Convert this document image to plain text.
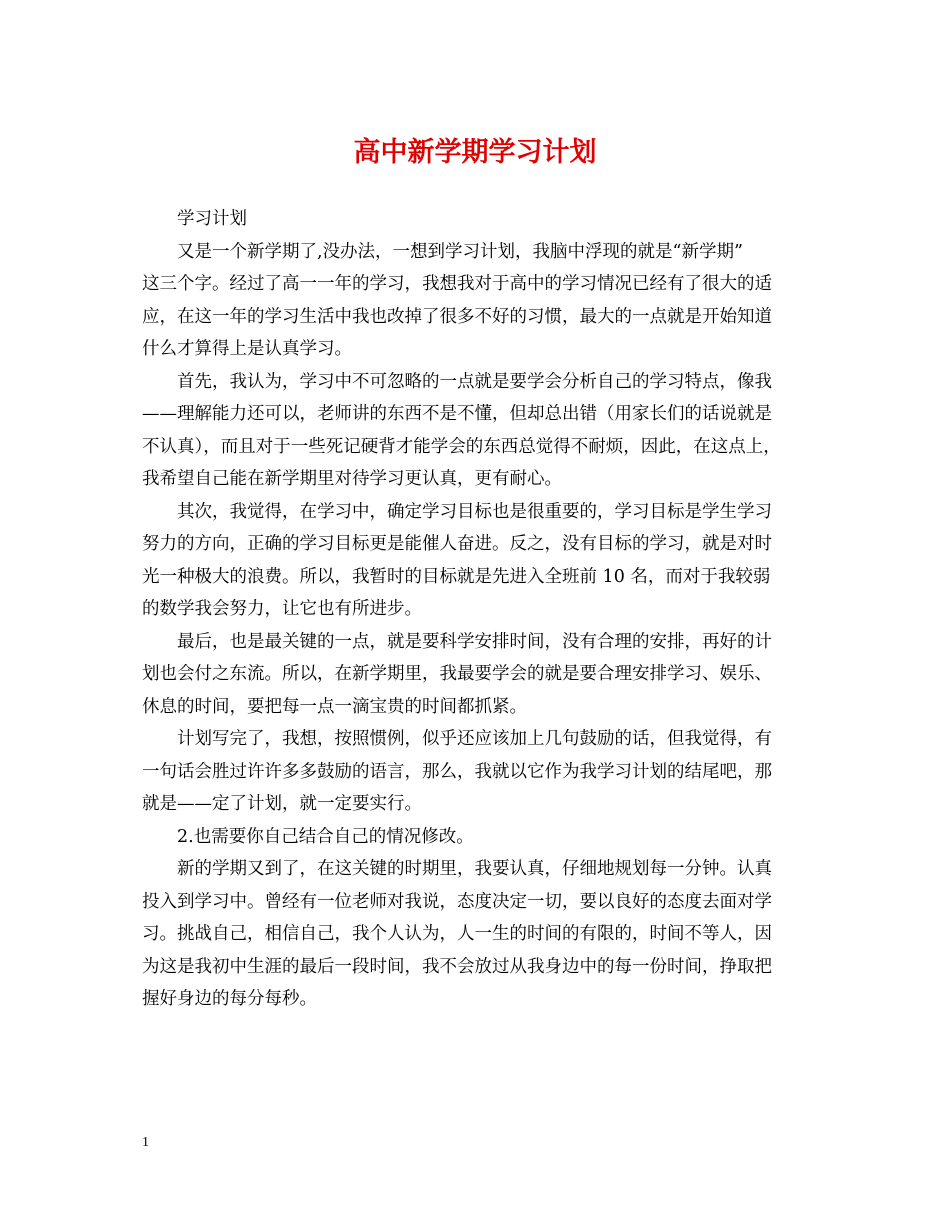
高中新学期学习计划

学习计划

又是一个新学期了,没办法，一想到学习计划，我脑中浮现的就是“新学期”

这三个字。经过了高一一年的学习，我想我对于高中的学习情况已经有了很大的适
应，在这一年的学习生活中我也改掉了很多不好的习惯，最大的一点就是开始知道
什么才算得上是认真学习。

首先，我认为，学习中不可忽略的一点就是要学会分析自己的学习特点，像我

——理解能力还可以，老师讲的东西不是不懂，但却总出错（用家长们的话说就是
不认真），而且对于一些死记硬背才能学会的东西总觉得不耐烦，因此，在这点上，
我希望自己能在新学期里对待学习更认真，更有耐心。

其次，我觉得，在学习中，确定学习目标也是很重要的，学习目标是学生学习

努力的方向，正确的学习目标更是能催人奋进。反之，没有目标的学习，就是对时
光一种极大的浪费。所以，我暂时的目标就是先进入全班前 10 名，而对于我较弱
的数学我会努力，让它也有所进步。

最后，也是最关键的一点，就是要科学安排时间，没有合理的安排，再好的计

划也会付之东流。所以，在新学期里，我最要学会的就是要合理安排学习、娱乐、
休息的时间，要把每一点一滴宝贵的时间都抓紧。

计划写完了，我想，按照惯例，似乎还应该加上几句鼓励的话，但我觉得，有

一句话会胜过许许多多鼓励的语言，那么，我就以它作为我学习计划的结尾吧，那
就是——定了计划，就一定要实行。

2.也需要你自己结合自己的情况修改。

新的学期又到了，在这关键的时期里，我要认真，仔细地规划每一分钟。认真

投入到学习中。曾经有一位老师对我说，态度决定一切，要以良好的态度去面对学
习。挑战自己，相信自己，我个人认为，人一生的时间的有限的，时间不等人，因
为这是我初中生涯的最后一段时间，我不会放过从我身边中的每一份时间，挣取把
握好身边的每分每秒。

1
